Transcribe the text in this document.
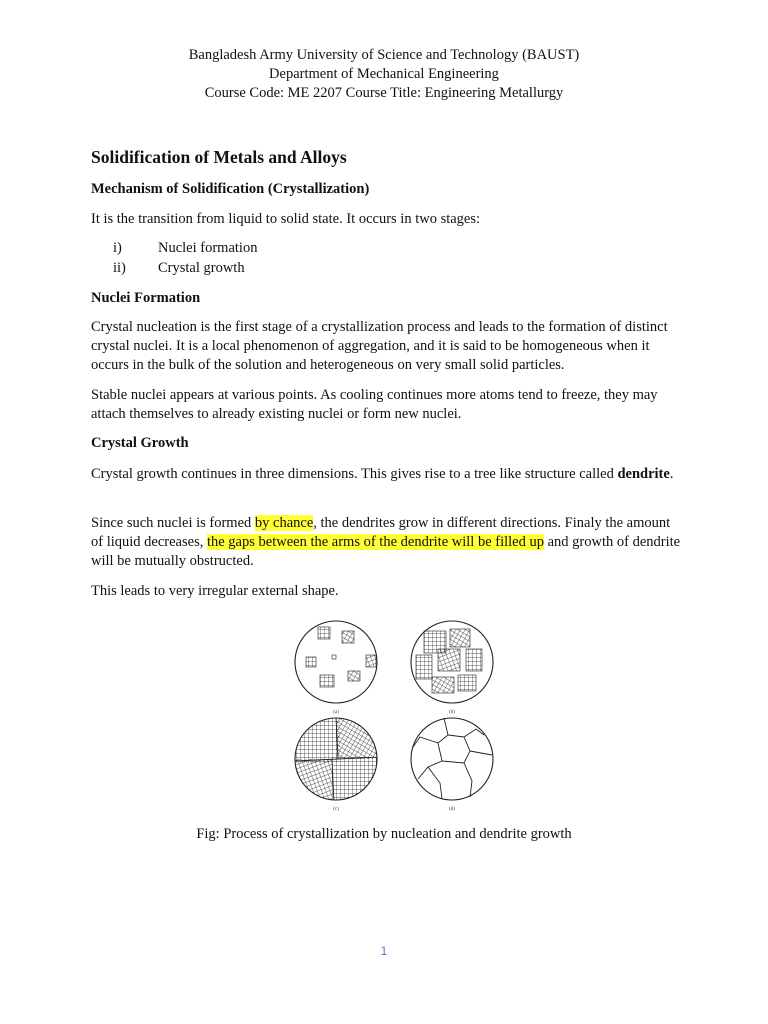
Bangladesh Army University of Science and Technology (BAUST)
Department of Mechanical Engineering
Course Code: ME 2207 Course Title: Engineering Metallurgy
Solidification of Metals and Alloys
Mechanism of Solidification (Crystallization)
It is the transition from liquid to solid state. It occurs in two stages:
i) Nuclei formation
ii) Crystal growth
Nuclei Formation
Crystal nucleation is the first stage of a crystallization process and leads to the formation of distinct crystal nuclei. It is a local phenomenon of aggregation, and it is said to be homogeneous when it occurs in the bulk of the solution and heterogeneous on very small solid particles.
Stable nuclei appears at various points. As cooling continues more atoms tend to freeze, they may attach themselves to already existing nuclei or form new nuclei.
Crystal Growth
Crystal growth continues in three dimensions. This gives rise to a tree like structure called dendrite.
Since such nuclei is formed by chance, the dendrites grow in different directions. Finaly the amount of liquid decreases, the gaps between the arms of the dendrite will be filled up and growth of dendrite will be mutually obstructed.
This leads to very irregular external shape.
(a)	(b)
(c)	(d)
Fig: Process of crystallization by nucleation and dendrite growth
1
